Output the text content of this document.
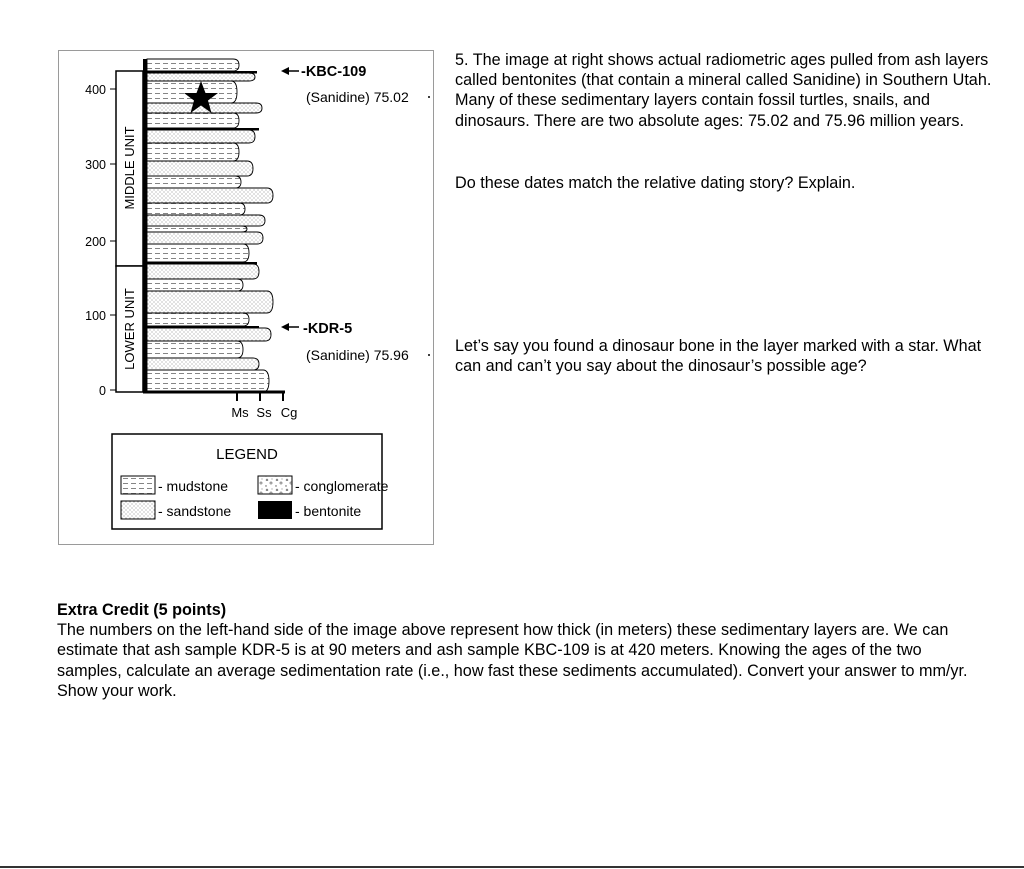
MIDDLE UNIT
LOWER UNIT
0
100
200
300
400
Ms Ss Cg
-KBC-109
(Sanidine) 75.02
-KDR-5
(Sanidine) 75.96
LEGEND
- mudstone
- sandstone
- conglomerate
- bentonite
5. The image at right shows actual radiometric ages pulled from ash layers called bentonites (that contain a mineral called Sanidine) in Southern Utah. Many of these sedimentary layers contain fossil turtles, snails, and dinosaurs. There are two absolute ages: 75.02 and 75.96 million years.
Do these dates match the relative dating story? Explain.
Let’s say you found a dinosaur bone in the layer marked with a star. What can and can’t you say about the dinosaur’s possible age?
Extra Credit (5 points)
The numbers on the left-hand side of the image above represent how thick (in meters) these sedimentary layers are. We can estimate that ash sample KDR-5 is at 90 meters and ash sample KBC-109 is at 420 meters. Knowing the ages of the two samples, calculate an average sedimentation rate (i.e., how fast these sediments accumulated). Convert your answer to mm/yr. Show your work.
